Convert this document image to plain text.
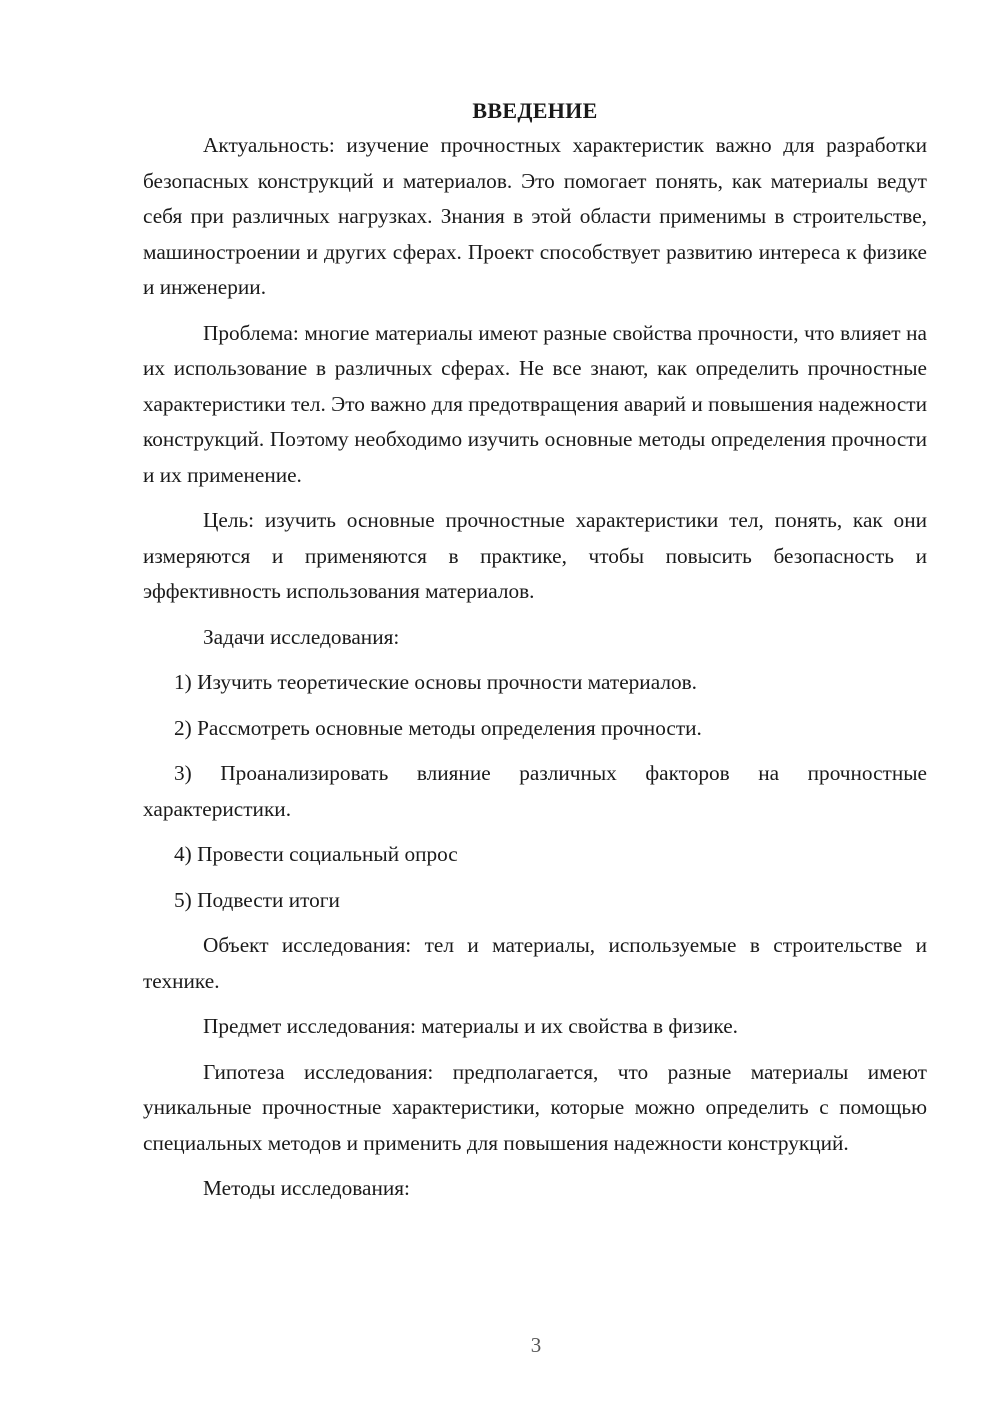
ВВЕДЕНИЕ

Актуальность: изучение прочностных характеристик важно для разработки безопасных конструкций и материалов. Это помогает понять, как материалы ведут себя при различных нагрузках. Знания в этой области применимы в строительстве, машиностроении и других сферах. Проект способствует развитию интереса к физике и инженерии.

Проблема: многие материалы имеют разные свойства прочности, что влияет на их использование в различных сферах. Не все знают, как определить прочностные характеристики тел. Это важно для предотвращения аварий и повышения надежности конструкций. Поэтому необходимо изучить основные методы определения прочности и их применение.

Цель: изучить основные прочностные характеристики тел, понять, как они измеряются и применяются в практике, чтобы повысить безопасность и эффективность использования материалов.

Задачи исследования:

1) Изучить теоретические основы прочности материалов.

2) Рассмотреть основные методы определения прочности.

3) Проанализировать влияние различных факторов на прочностные характеристики.

4) Провести социальный опрос

5) Подвести итоги

Объект исследования: тел и материалы, используемые в строительстве и технике.

Предмет исследования: материалы и их свойства в физике.

Гипотеза исследования: предполагается, что разные материалы имеют уникальные прочностные характеристики, которые можно определить с помощью специальных методов и применить для повышения надежности конструкций.

Методы исследования:

3
